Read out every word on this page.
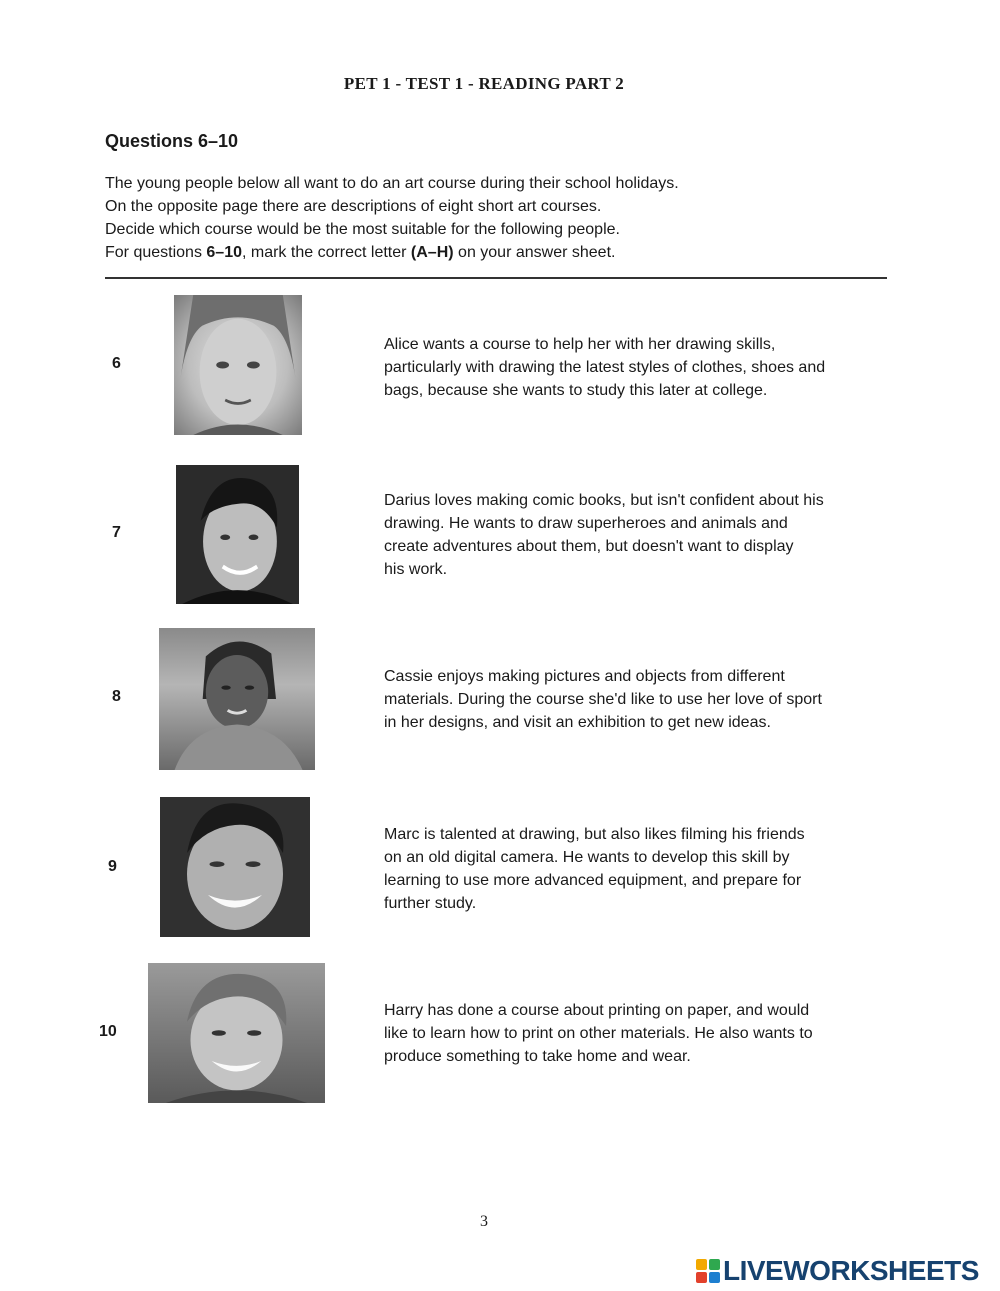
PET 1 - TEST 1 - READING PART 2
Questions 6–10
The young people below all want to do an art course during their school holidays.
On the opposite page there are descriptions of eight short art courses.
Decide which course would be the most suitable for the following people.
For questions 6–10, mark the correct letter (A–H) on your answer sheet.
6
Alice wants a course to help her with her drawing skills,
particularly with drawing the latest styles of clothes, shoes and
bags, because she wants to study this later at college.
7
Darius loves making comic books, but isn't confident about his
drawing. He wants to draw superheroes and animals and
create adventures about them, but doesn't want to display
his work.
8
Cassie enjoys making pictures and objects from different
materials. During the course she'd like to use her love of sport
in her designs, and visit an exhibition to get new ideas.
9
Marc is talented at drawing, but also likes filming his friends
on an old digital camera. He wants to develop this skill by
learning to use more advanced equipment, and prepare for
further study.
10
Harry has done a course about printing on paper, and would
like to learn how to print on other materials. He also wants to
produce something to take home and wear.
3
LIVEWORKSHEETS
